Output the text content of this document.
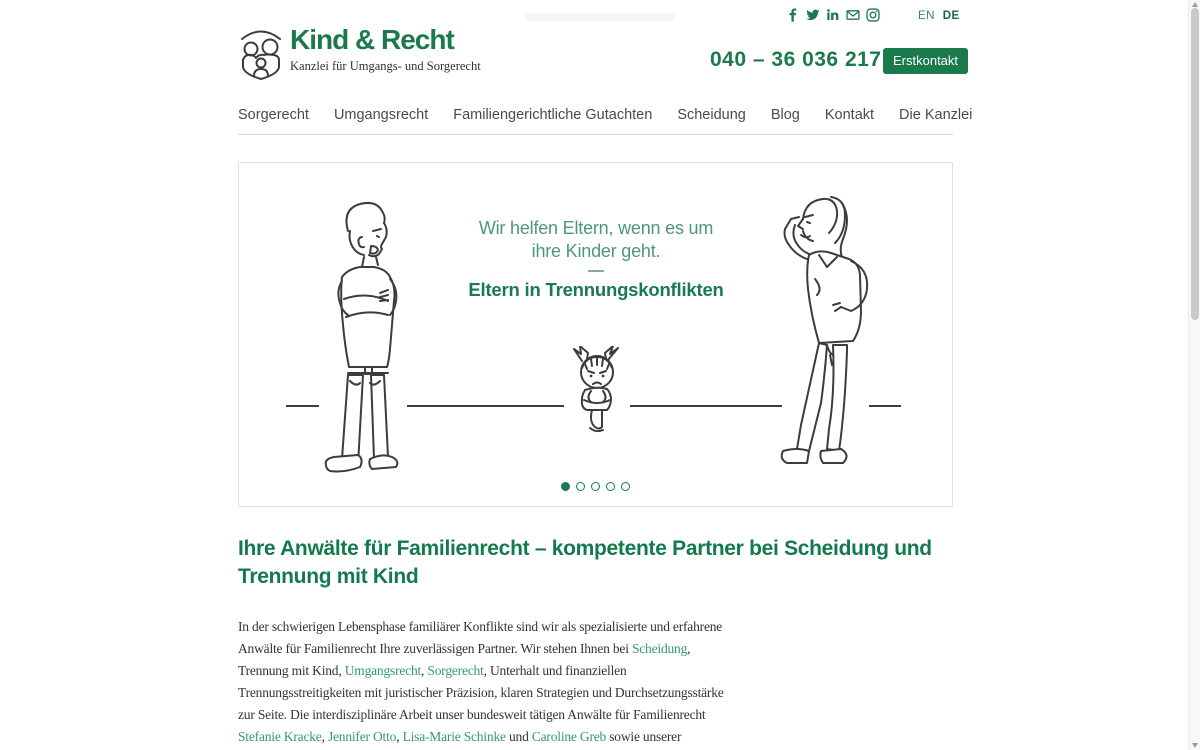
EN DE
Kind & Recht
Kanzlei für Umgangs- und Sorgerecht	040 – 36 036 217 Erstkontakt
Sorgerecht Umgangsrecht Familiengerichtliche Gutachten Scheidung Blog Kontakt Die Kanzlei
Wir helfen Eltern, wenn es um
ihre Kinder geht.
Eltern in Trennungskonflikten
Ihre Anwälte für Familienrecht – kompetente Partner bei Scheidung und
Trennung mit Kind
In der schwierigen Lebensphase familiärer Konflikte sind wir als spezialisierte und erfahrene
Anwälte für Familienrecht Ihre zuverlässigen Partner. Wir stehen Ihnen bei Scheidung,
Trennung mit Kind, Umgangsrecht, Sorgerecht, Unterhalt und finanziellen
Trennungsstreitigkeiten mit juristischer Präzision, klaren Strategien und Durchsetzungsstärke
zur Seite. Die interdisziplinäre Arbeit unser bundesweit tätigen Anwälte für Familienrecht
Stefanie Kracke, Jennifer Otto, Lisa-Marie Schinke und Caroline Greb sowie unserer
